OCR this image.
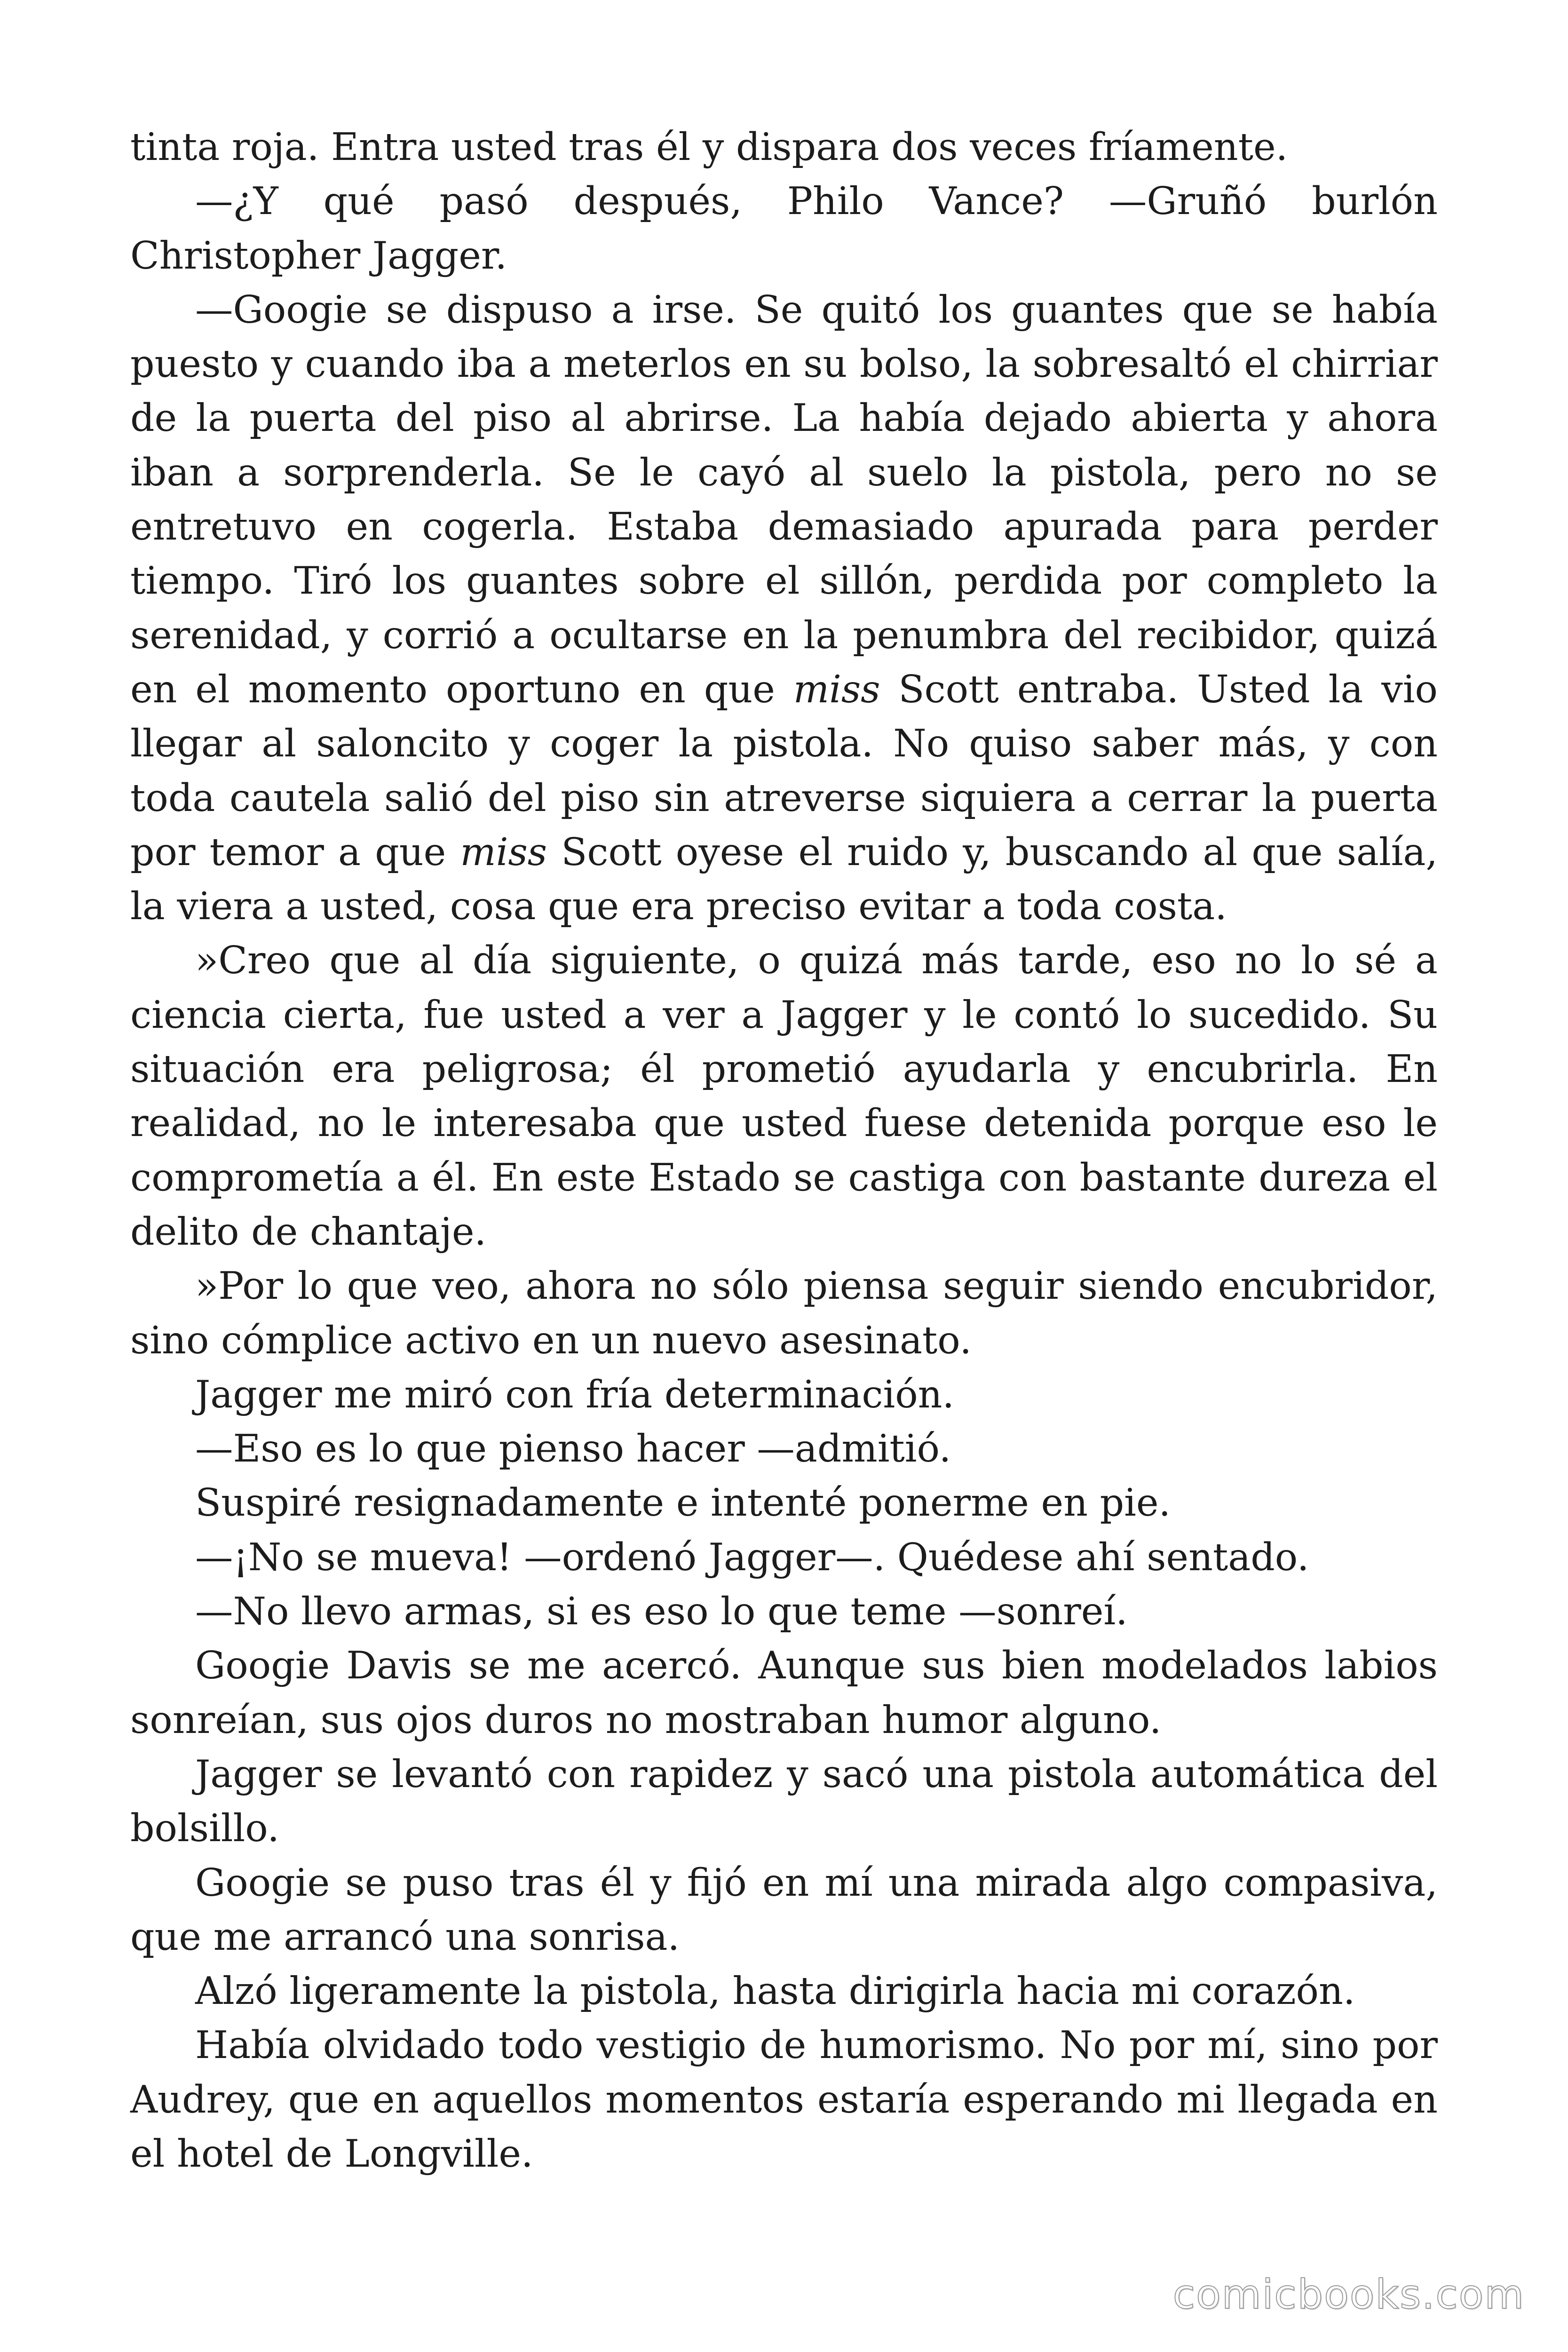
tinta roja. Entra usted tras él y dispara dos veces fríamente.

—¿Y qué pasó después, Philo Vance? —Gruñó burlón Christopher Jagger.

—Googie se dispuso a irse. Se quitó los guantes que se había puesto y cuando iba a meterlos en su bolso, la sobresaltó el chirriar de la puerta del piso al abrirse. La había dejado abierta y ahora iban a sorprenderla. Se le cayó al suelo la pistola, pero no se entretuvo en cogerla. Estaba demasiado apurada para perder tiempo. Tiró los guantes sobre el sillón, perdida por completo la serenidad, y corrió a ocultarse en la penumbra del recibidor, quizá en el momento oportuno en que miss Scott entraba. Usted la vio llegar al saloncito y coger la pistola. No quiso saber más, y con toda cautela salió del piso sin atreverse siquiera a cerrar la puerta por temor a que miss Scott oyese el ruido y, buscando al que salía, la viera a usted, cosa que era preciso evitar a toda costa.

»Creo que al día siguiente, o quizá más tarde, eso no lo sé a ciencia cierta, fue usted a ver a Jagger y le contó lo sucedido. Su situación era peligrosa; él prometió ayudarla y encubrirla. En realidad, no le interesaba que usted fuese detenida porque eso le comprometía a él. En este Estado se castiga con bastante dureza el delito de chantaje.

»Por lo que veo, ahora no sólo piensa seguir siendo encubridor, sino cómplice activo en un nuevo asesinato.

Jagger me miró con fría determinación.

—Eso es lo que pienso hacer —admitió.

Suspiré resignadamente e intenté ponerme en pie.

—¡No se mueva! —ordenó Jagger—. Quédese ahí sentado.

—No llevo armas, si es eso lo que teme —sonreí.

Googie Davis se me acercó. Aunque sus bien modelados labios sonreían, sus ojos duros no mostraban humor alguno.

Jagger se levantó con rapidez y sacó una pistola automática del bolsillo.

Googie se puso tras él y fijó en mí una mirada algo compasiva, que me arrancó una sonrisa.

Alzó ligeramente la pistola, hasta dirigirla hacia mi corazón.

Había olvidado todo vestigio de humorismo. No por mí, sino por Audrey, que en aquellos momentos estaría esperando mi llegada en el hotel de Longville.

comicbooks.com
